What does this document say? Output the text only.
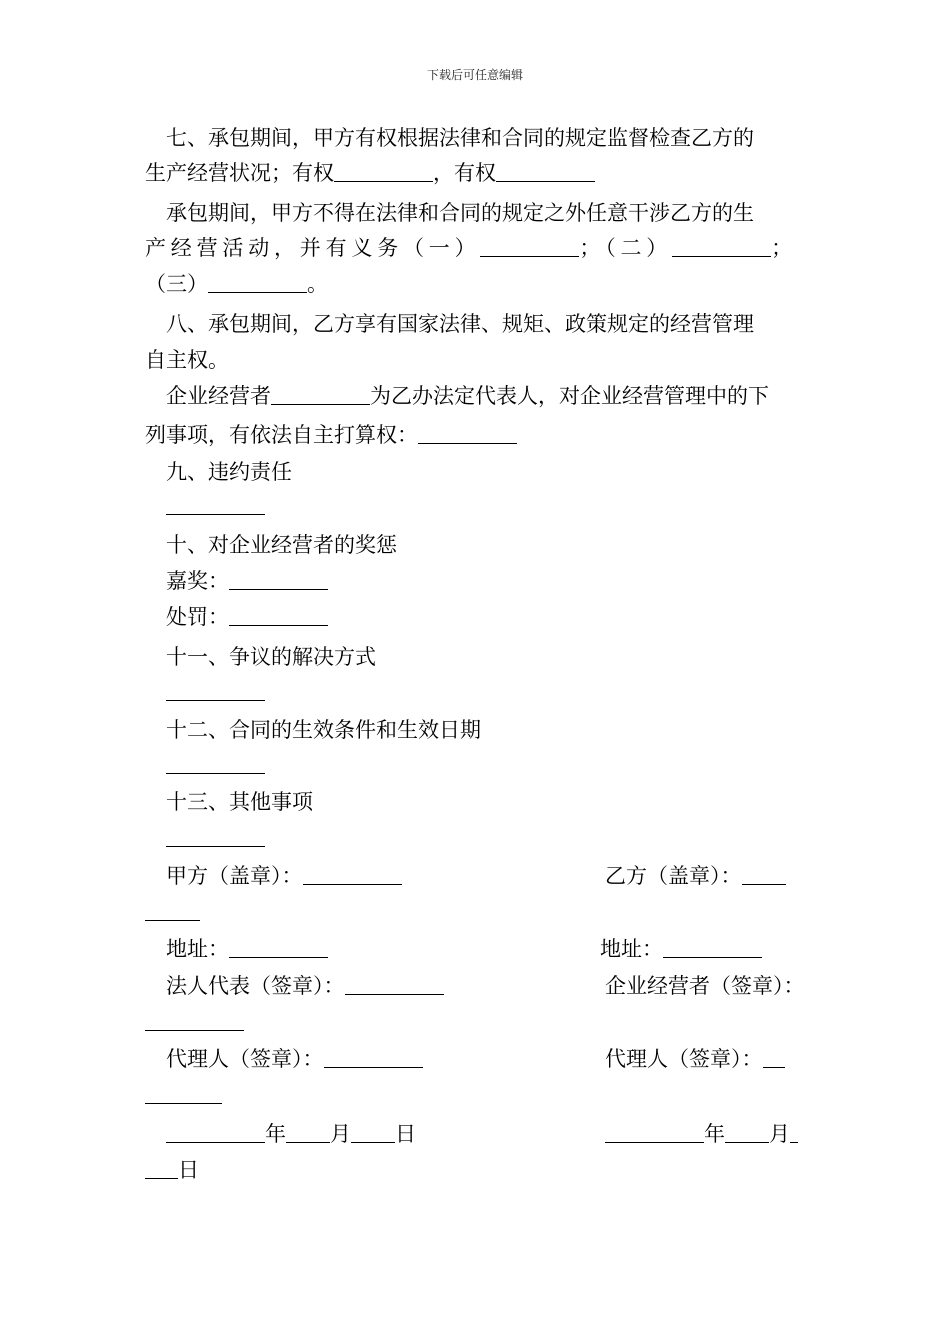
下载后可任意编辑
七、承包期间，甲方有权根据法律和合同的规定监督检查乙方的
生产经营状况；有权	，有权
承包期间，甲方不得在法律和合同的规定之外任意干涉乙方的生
产经营活动，并有义务（一）	；（二）	；
（三）	。
八、承包期间，乙方享有国家法律、规矩、政策规定的经营管理
自主权。
企业经营者	为乙办法定代表人，对企业经营管理中的下
列事项，有依法自主打算权：
九、违约责任
十、对企业经营者的奖惩
嘉奖：
处罚：
十一、争议的解决方式
十二、合同的生效条件和生效日期
十三、其他事项
甲方（盖章）：	乙方（盖章）：
地址：	地址：
法人代表（签章）：	企业经营者（签章）：
代理人（签章）：	代理人（签章）：
年 月 日	年 月
日
